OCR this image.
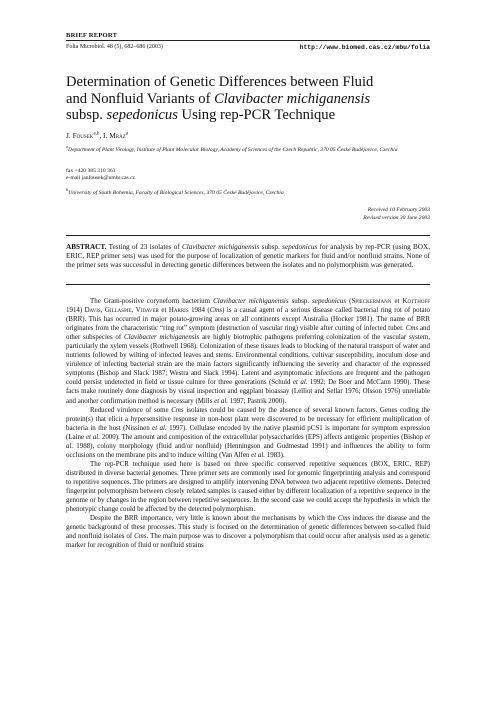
BRIEF REPORT
Folia Microbiol. 48 (5), 682–686 (2003)	http://www.biomed.cas.cz/mbu/folia
Determination of Genetic Differences between Fluid
and Nonfluid Variants of Clavibacter michiganensis
subsp. sepedonicus Using rep-PCR Technique
J. Fousek$^{a,b}$, I. Mráz$^a$
$^a$Department of Plant Virology, Institute of Plant Molecular Biology, Academy of Sciences of the Czech Republic, 370 05 České Budějovice, Czechia
fax +420 385 310 363
e-mail janfousek@umbr.cas.cz
$^b$University of South Bohemia, Faculty of Biological Sciences, 370 05 České Budějovice, Czechia
Received 10 February 2003
Revised version 30 June 2003
ABSTRACT. Testing of 23 isolates of Clavibacter michiganensis subsp. sepedonicus for analysis by rep-PCR (using BOX, ERIC, REP primer sets) was used for the purpose of localization of genetic markers for fluid and/or nonfluid strains. None of the primer sets was successful in detecting genetic differences between the isolates and no polymorphism was generated.

The Gram-positive coryneform bacterium Clavibacter michiganensis subsp. sepedonicus (Spieckermann et Kotthoff 1914) Davis, Gillaspie, Vidaver et Harris 1984 (Cms) is a causal agent of a serious disease called bacterial ring rot of potato (BRR). This has occurred in major potato-growing areas on all continents except Australia (Hocker 1981). The name of BRR originates from the characteristic “ring rot” symptom (destruction of vascular ring) visible after cutting of infected tuber. Cms and other subspecies of Clavibacter michiganensis are highly biotrophic pathogens preferring colonization of the vascular system, particularly the xylem vessels (Rothwell 1968). Colonization of these tissues leads to blocking of the natural transport of water and nutrients followed by wilting of infected leaves and stems. Environmental conditions, cultivar susceptibility, inoculum dose and virulence of infecting bacterial strain are the main factors significantly influencing the severity and character of the expressed symptoms (Bishop and Slack 1987; Westra and Slack 1994). Latent and asymptomatic infections are frequent and the pathogen could persist undetected in field or tissue culture for three generations (Schuld et al. 1992; De Boer and McCann 1990). These facts make routinely done diagnosis by visual inspection and eggplant bioassay (Lelliot and Sellar 1976; Olsson 1976) unreliable and another confirmation method is necessary (Mills et al. 1997; Pastrik 2000).

Reduced virulence of some Cms isolates could be caused by the absence of several known factors. Genes coding the protein(s) that elicit a hypersensitive response in non-host plant were discovered to be necessary for efficient multiplication of bacteria in the host (Nissinen et al. 1997). Cellulase encoded by the native plasmid pCS1 is important for symptom expression (Laine et al. 2000). The amount and composition of the extracellular polysaccharides (EPS) affects antigenic properties (Bishop et al. 1988), colony morphology (fluid and/or nonfluid) (Henningson and Gudmestad 1991) and influences the ability to form occlusions on the membrane pits and to induce wilting (Van Alfen et al. 1983).

The rep-PCR technique used here is based on three specific conserved repetitive sequences (BOX, ERIC, REP) distributed in diverse bacterial genomes. Three primer sets are commonly used for genomic fingerprinting analysis and correspond to repetitive sequences. The primers are designed to amplify intervening DNA between two adjacent repetitive elements. Detected fingerprint polymorphism between closely related samples is caused either by different localization of a repetitive sequence in the genome or by changes in the region between repetitive sequences. In the second case we could accept the hypothesis in which the phenotypic change could be affected by the detected polymorphism.

Despite the BRR importance, very little is known about the mechanisms by which the Cms induces the disease and the genetic background of these processes. This study is focused on the determination of genetic differences between so-called fluid and nonfluid isolates of Cms. The main purpose was to discover a polymorphism that could occur after analysis used as a genetic marker for recognition of fluid or nonfluid strains
